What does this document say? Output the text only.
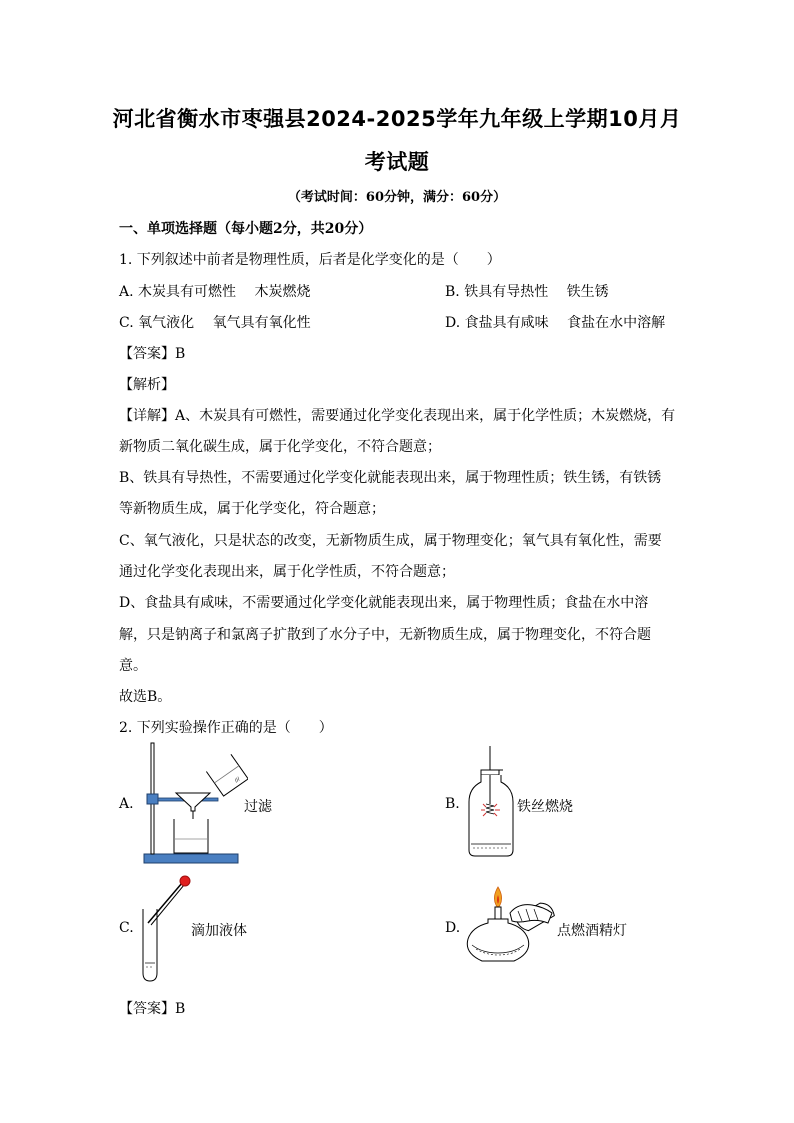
河北省衡水市枣强县2024-2025学年九年级上学期10月月
考试题
（考试时间：60分钟，满分：60分）
一、单项选择题（每小题2分，共20分）
1. 下列叙述中前者是物理性质，后者是化学变化的是（　　）
A. 木炭具有可燃性　 木炭燃烧	B. 铁具有导热性　 铁生锈
C. 氧气液化　 氧气具有氧化性	D. 食盐具有咸味　 食盐在水中溶解
【答案】B
【解析】
【详解】A、木炭具有可燃性，需要通过化学变化表现出来，属于化学性质；木炭燃烧，有
新物质二氧化碳生成，属于化学变化，不符合题意；
B、铁具有导热性，不需要通过化学变化就能表现出来，属于物理性质；铁生锈，有铁锈
等新物质生成，属于化学变化，符合题意；
C、氧气液化，只是状态的改变，无新物质生成，属于物理变化；氧气具有氧化性，需要
通过化学变化表现出来，属于化学性质，不符合题意；
D、食盐具有咸味，不需要通过化学变化就能表现出来，属于物理性质；食盐在水中溶
解，只是钠离子和氯离子扩散到了水分子中，无新物质生成，属于物理变化，不符合题
意。
故选B。
2. 下列实验操作正确的是（　　）
A.
///
过滤	B.	铁丝燃烧
C.	滴加液体	D.	点燃酒精灯
【答案】B
